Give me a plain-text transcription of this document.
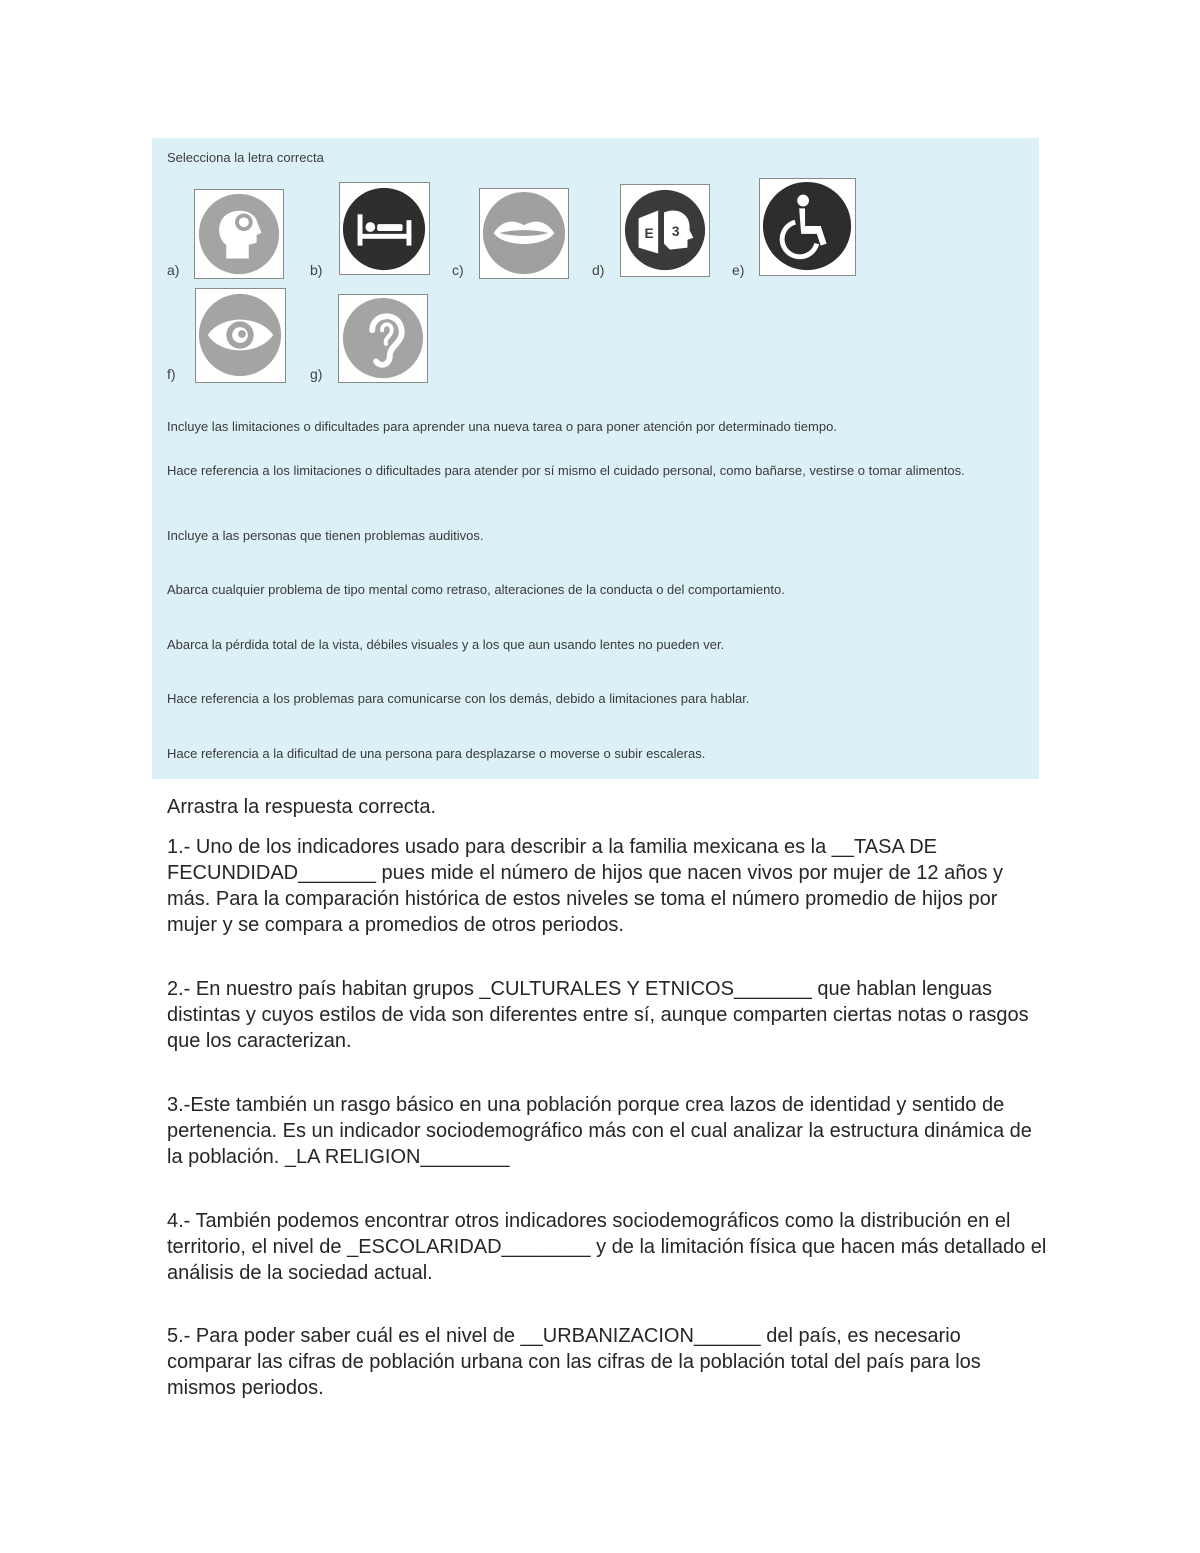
Selecciona la letra correcta
a)	b)	c)	d)
E 3
e)
f)	g)
Incluye las limitaciones o dificultades para aprender una nueva tarea o para poner atención por determinado tiempo.
Hace referencia a los limitaciones o dificultades para atender por sí mismo el cuidado personal, como bañarse, vestirse o tomar alimentos.
Incluye a las personas que tienen problemas auditivos.
Abarca cualquier problema de tipo mental como retraso, alteraciones de la conducta o del comportamiento.
Abarca la pérdida total de la vista, débiles visuales y a los que aun usando lentes no pueden ver.
Hace referencia a los problemas para comunicarse con los demás, debido a limitaciones para hablar.
Hace referencia a la dificultad de una persona para desplazarse o moverse o subir escaleras.
Arrastra la respuesta correcta.

1.- Uno de los indicadores usado para describir a la familia mexicana es la __TASA DE FECUNDIDAD_______ pues mide el número de hijos que nacen vivos por mujer de 12 años y más. Para la comparación histórica de estos niveles se toma el número promedio de hijos por mujer y se compara a promedios de otros periodos.

2.- En nuestro país habitan grupos _CULTURALES Y ETNICOS_______ que hablan lenguas distintas y cuyos estilos de vida son diferentes entre sí, aunque comparten ciertas notas o rasgos que los caracterizan.

3.-Este también un rasgo básico en una población porque crea lazos de identidad y sentido de pertenencia. Es un indicador sociodemográfico más con el cual analizar la estructura dinámica de la población. _LA RELIGION________

4.- También podemos encontrar otros indicadores sociodemográficos como la distribución en el territorio, el nivel de _ESCOLARIDAD________ y de la limitación física que hacen más detallado el análisis de la sociedad actual.

5.- Para poder saber cuál es el nivel de __URBANIZACION______ del país, es necesario comparar las cifras de población urbana con las cifras de la población total del país para los mismos periodos.
